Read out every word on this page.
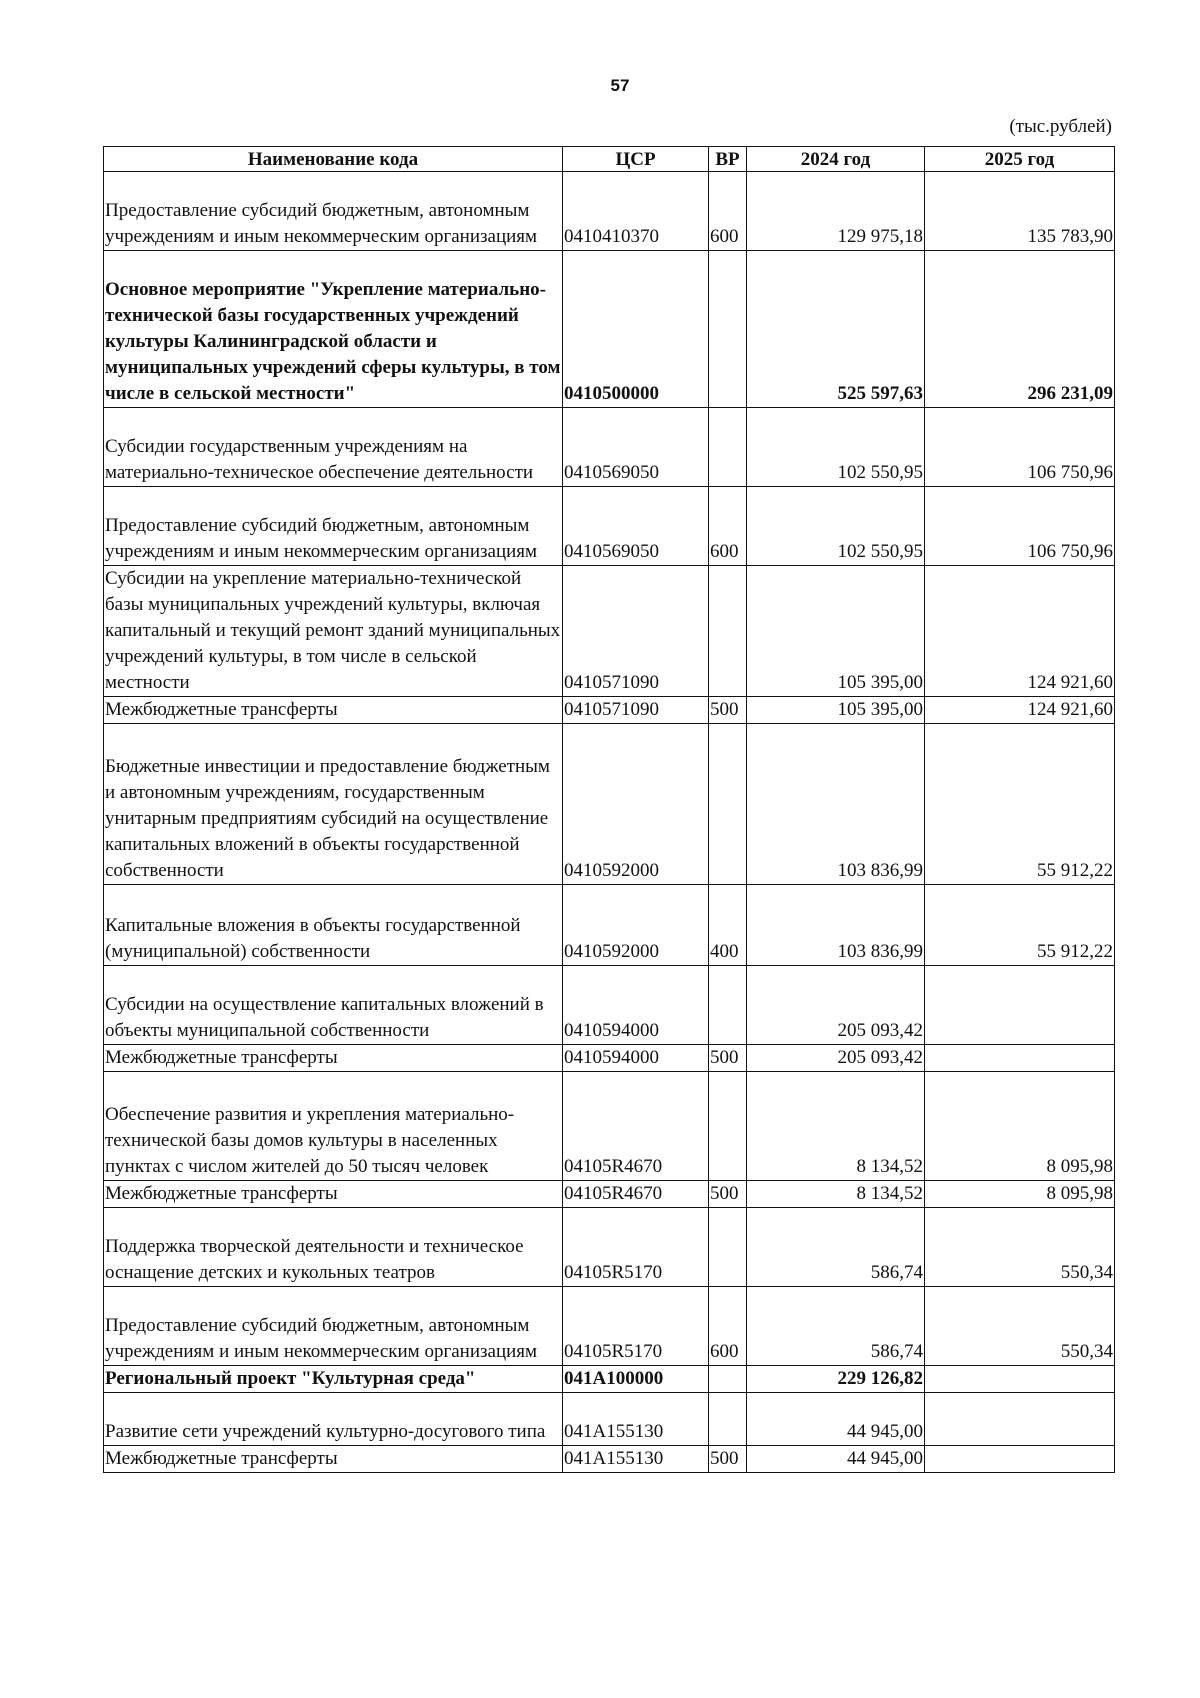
57
(тыс.рублей)
Наименование кода	ЦСР	ВР	2024 год	2025 год
Предоставление субсидий бюджетным, автономным учреждениям и иным некоммерческим организациям	0410410370	600	129 975,18	135 783,90
Основное мероприятие "Укрепление материально-технической базы государственных учреждений культуры Калининградской области и муниципальных учреждений сферы культуры, в том числе в сельской местности"	0410500000		525 597,63	296 231,09
Субсидии государственным учреждениям на материально-техническое обеспечение деятельности	0410569050		102 550,95	106 750,96
Предоставление субсидий бюджетным, автономным учреждениям и иным некоммерческим организациям	0410569050	600	102 550,95	106 750,96
Субсидии на укрепление материально-технической базы муниципальных учреждений культуры, включая капитальный и текущий ремонт зданий муниципальных учреждений культуры, в том числе в сельской местности	0410571090		105 395,00	124 921,60
Межбюджетные трансферты	0410571090	500	105 395,00	124 921,60
Бюджетные инвестиции и предоставление бюджетным и автономным учреждениям, государственным унитарным предприятиям субсидий на осуществление капитальных вложений в объекты государственной собственности	0410592000		103 836,99	55 912,22
Капитальные вложения в объекты государственной (муниципальной) собственности	0410592000	400	103 836,99	55 912,22
Субсидии на осуществление капитальных вложений в объекты муниципальной собственности	0410594000		205 093,42	
Межбюджетные трансферты	0410594000	500	205 093,42	
Обеспечение развития и укрепления материально-технической базы домов культуры в населенных пунктах с числом жителей до 50 тысяч человек	04105R4670		8 134,52	8 095,98
Межбюджетные трансферты	04105R4670	500	8 134,52	8 095,98
Поддержка творческой деятельности и техническое оснащение детских и кукольных театров	04105R5170		586,74	550,34
Предоставление субсидий бюджетным, автономным учреждениям и иным некоммерческим организациям	04105R5170	600	586,74	550,34
Региональный проект "Культурная среда"	041A100000		229 126,82	
Развитие сети учреждений культурно-досугового типа	041A155130		44 945,00	
Межбюджетные трансферты	041A155130	500	44 945,00	
